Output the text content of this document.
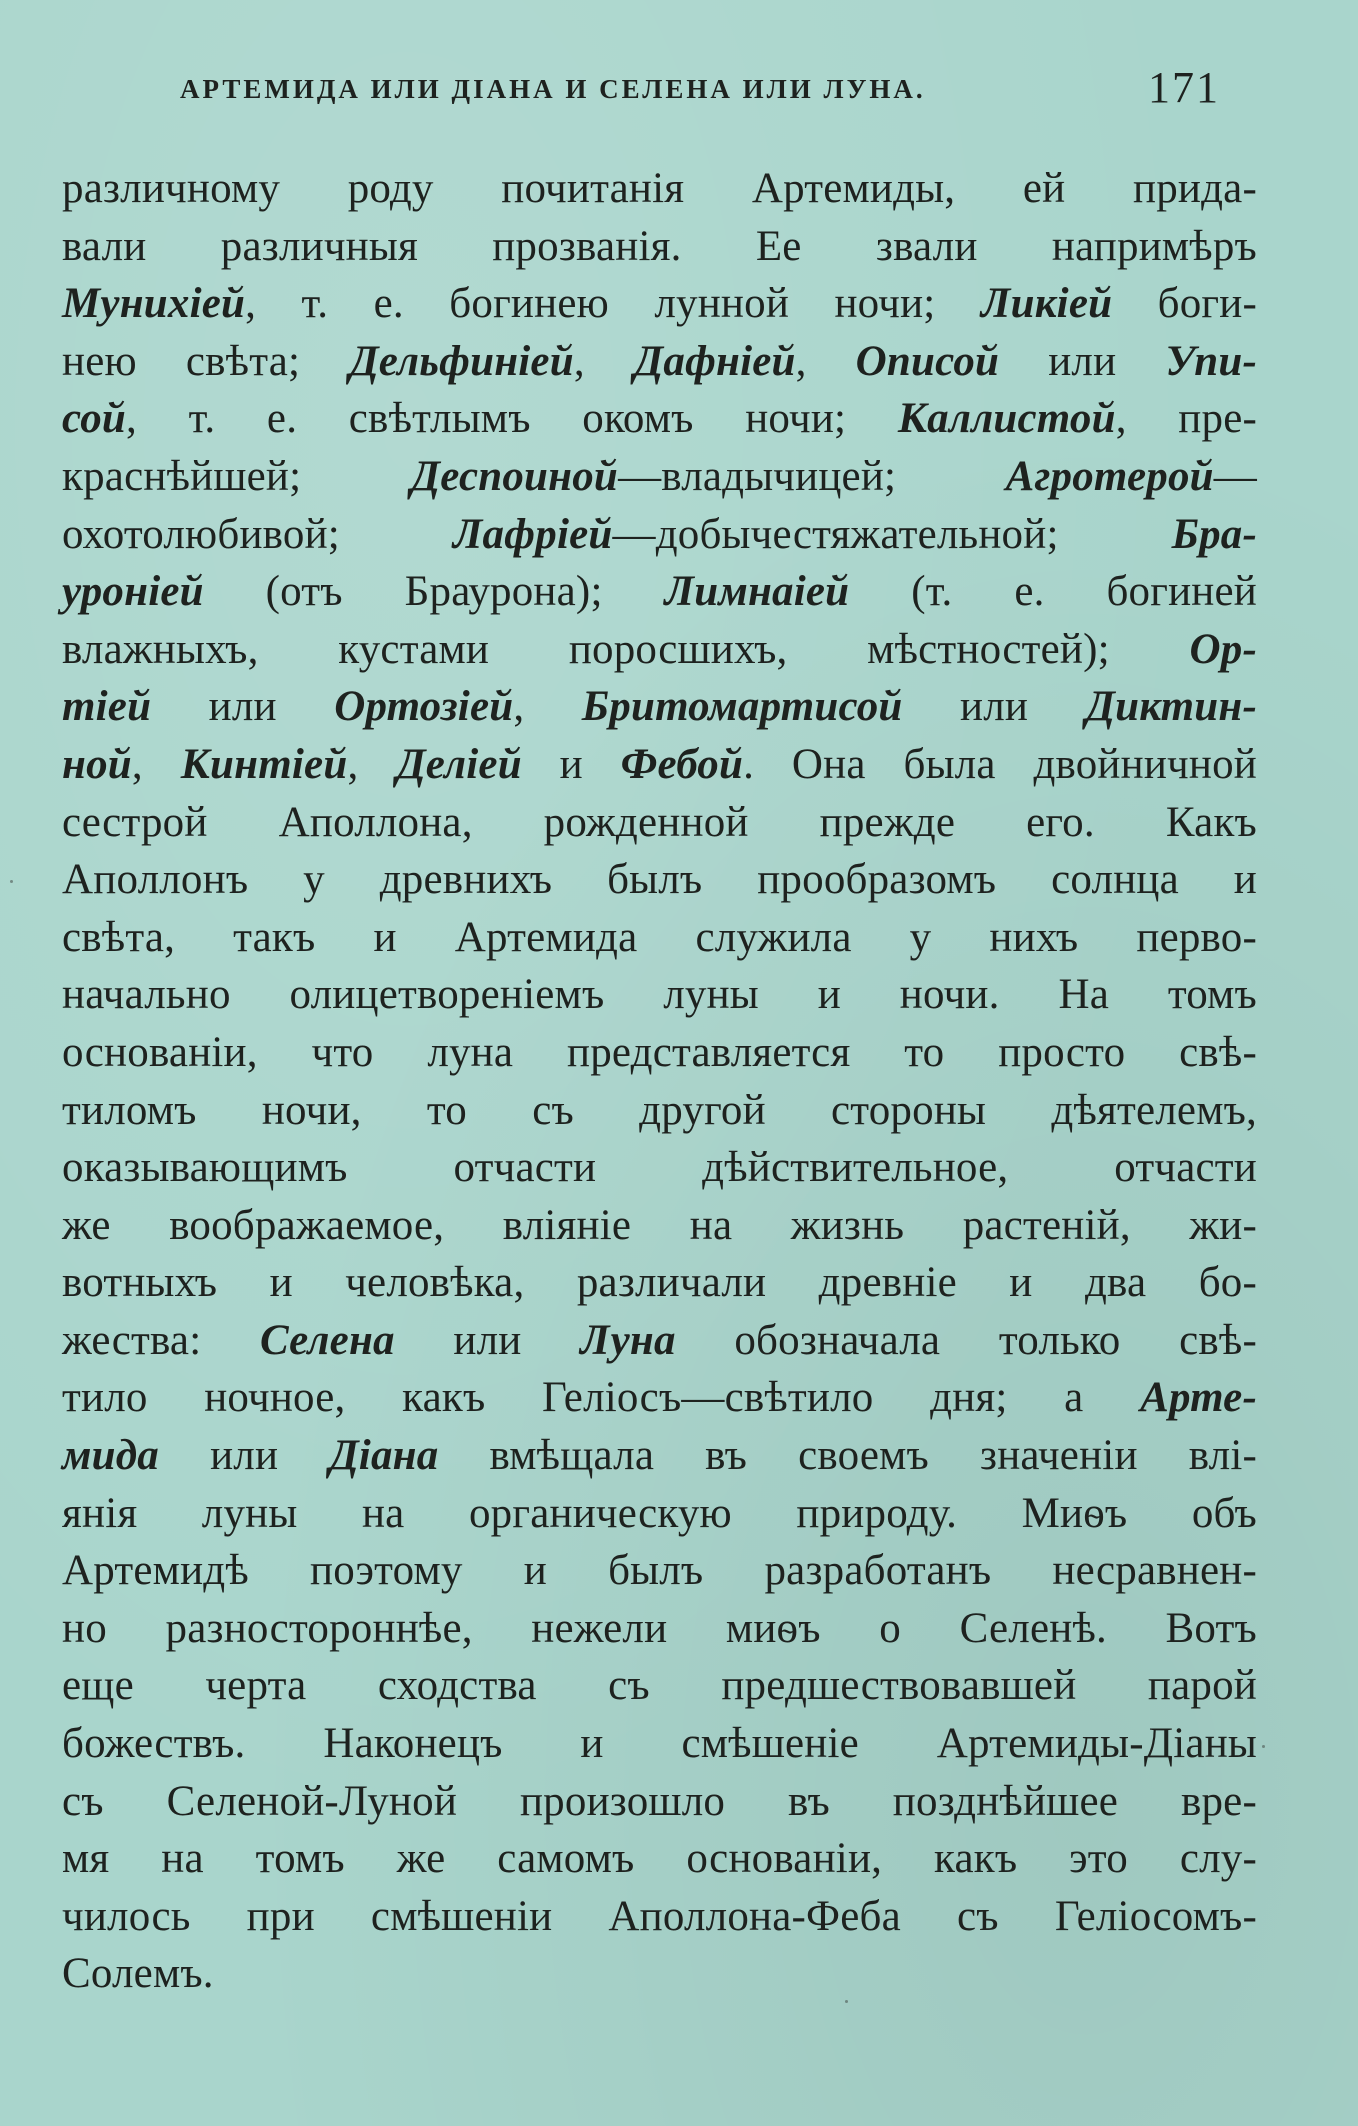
АРТЕМИДА ИЛИ ДІАНА И СЕЛЕНА ИЛИ ЛУНА.	171
различному роду почитанія Артемиды, ей прида-
вали различныя прозванія. Ее звали напримѣръ
Мунихіей, т. е. богинею лунной ночи; Ликіей боги-
нею свѣта; Дельфиніей, Дафніей, Описой или Упи-
сой, т. е. свѣтлымъ окомъ ночи; Каллистой, пре-
краснѣйшей; Деспоиной—владычицей; Агротерой—
охотолюбивой; Лафріей—добычестяжательной; Бра-
уроніей (отъ Браурона); Лимнаіей (т. е. богиней
влажныхъ, кустами поросшихъ, мѣстностей); Ор-
тіей или Ортозіей, Бритомартисой или Диктин-
ной, Кинтіей, Деліей и Фебой. Она была двойничной
сестрой Аполлона, рожденной прежде его. Какъ
Аполлонъ у древнихъ былъ прообразомъ солнца и
свѣта, такъ и Артемида служила у нихъ перво-
начально олицетвореніемъ луны и ночи. На томъ
основаніи, что луна представляется то просто свѣ-
тиломъ ночи, то съ другой стороны дѣятелемъ,
оказывающимъ отчасти дѣйствительное, отчасти
же воображаемое, вліяніе на жизнь растеній, жи-
вотныхъ и человѣка, различали древніе и два бо-
жества: Селена или Луна обозначала только свѣ-
тило ночное, какъ Геліосъ—свѣтило дня; а Арте-
мида или Діана вмѣщала въ своемъ значеніи влі-
янія луны на органическую природу. Миѳъ объ
Артемидѣ поэтому и былъ разработанъ несравнен-
но разностороннѣе, нежели миѳъ о Селенѣ. Вотъ
еще черта сходства съ предшествовавшей парой
божествъ. Наконецъ и смѣшеніе Артемиды-Діаны
съ Селеной-Луной произошло въ позднѣйшее вре-
мя на томъ же самомъ основаніи, какъ это слу-
чилось при смѣшеніи Аполлона-Феба съ Геліосомъ-
Солемъ.
